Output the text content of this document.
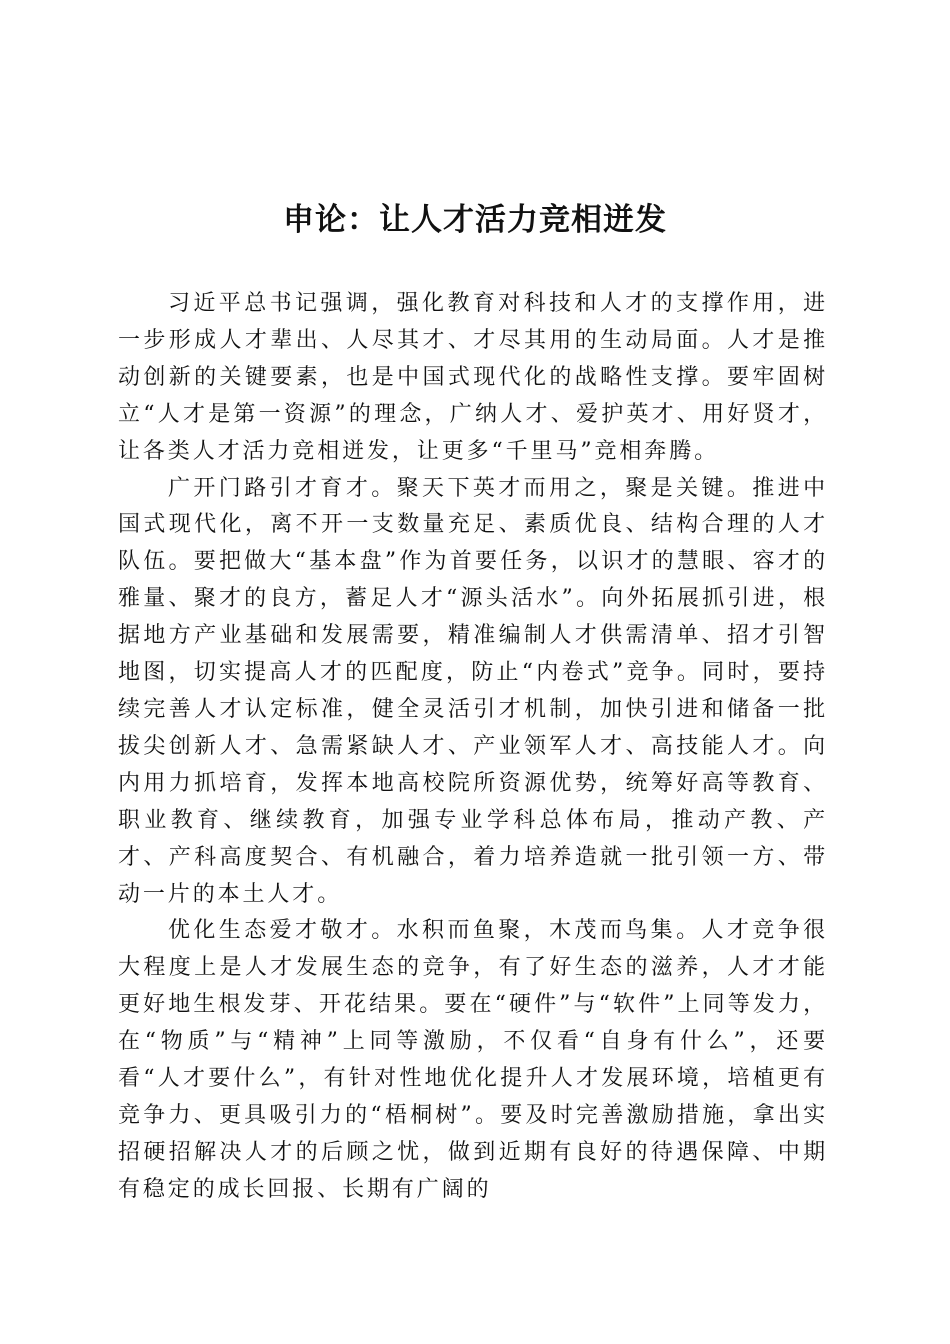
申论：让人才活力竞相迸发

习近平总书记强调，强化教育对科技和人才的支撑作用，进一步形成人才辈出、人尽其才、才尽其用的生动局面。人才是推动创新的关键要素，也是中国式现代化的战略性支撑。要牢固树立“人才是第一资源”的理念，广纳人才、爱护英才、用好贤才，让各类人才活力竞相迸发，让更多“千里马”竞相奔腾。

广开门路引才育才。聚天下英才而用之，聚是关键。推进中国式现代化，离不开一支数量充足、素质优良、结构合理的人才队伍。要把做大“基本盘”作为首要任务，以识才的慧眼、容才的雅量、聚才的良方，蓄足人才“源头活水”。向外拓展抓引进，根据地方产业基础和发展需要，精准编制人才供需清单、招才引智地图，切实提高人才的匹配度，防止“内卷式”竞争。同时，要持续完善人才认定标准，健全灵活引才机制，加快引进和储备一批拔尖创新人才、急需紧缺人才、产业领军人才、高技能人才。向内用力抓培育，发挥本地高校院所资源优势，统筹好高等教育、职业教育、继续教育，加强专业学科总体布局，推动产教、产才、产科高度契合、有机融合，着力培养造就一批引领一方、带动一片的本土人才。

优化生态爱才敬才。水积而鱼聚，木茂而鸟集。人才竞争很大程度上是人才发展生态的竞争，有了好生态的滋养，人才才能更好地生根发芽、开花结果。要在“硬件”与“软件”上同等发力，在“物质”与“精神”上同等激励，不仅看“自身有什么”，还要看“人才要什么”，有针对性地优化提升人才发展环境，培植更有竞争力、更具吸引力的“梧桐树”。要及时完善激励措施，拿出实招硬招解决人才的后顾之忧，做到近期有良好的待遇保障、中期有稳定的成长回报、长期有广阔的
